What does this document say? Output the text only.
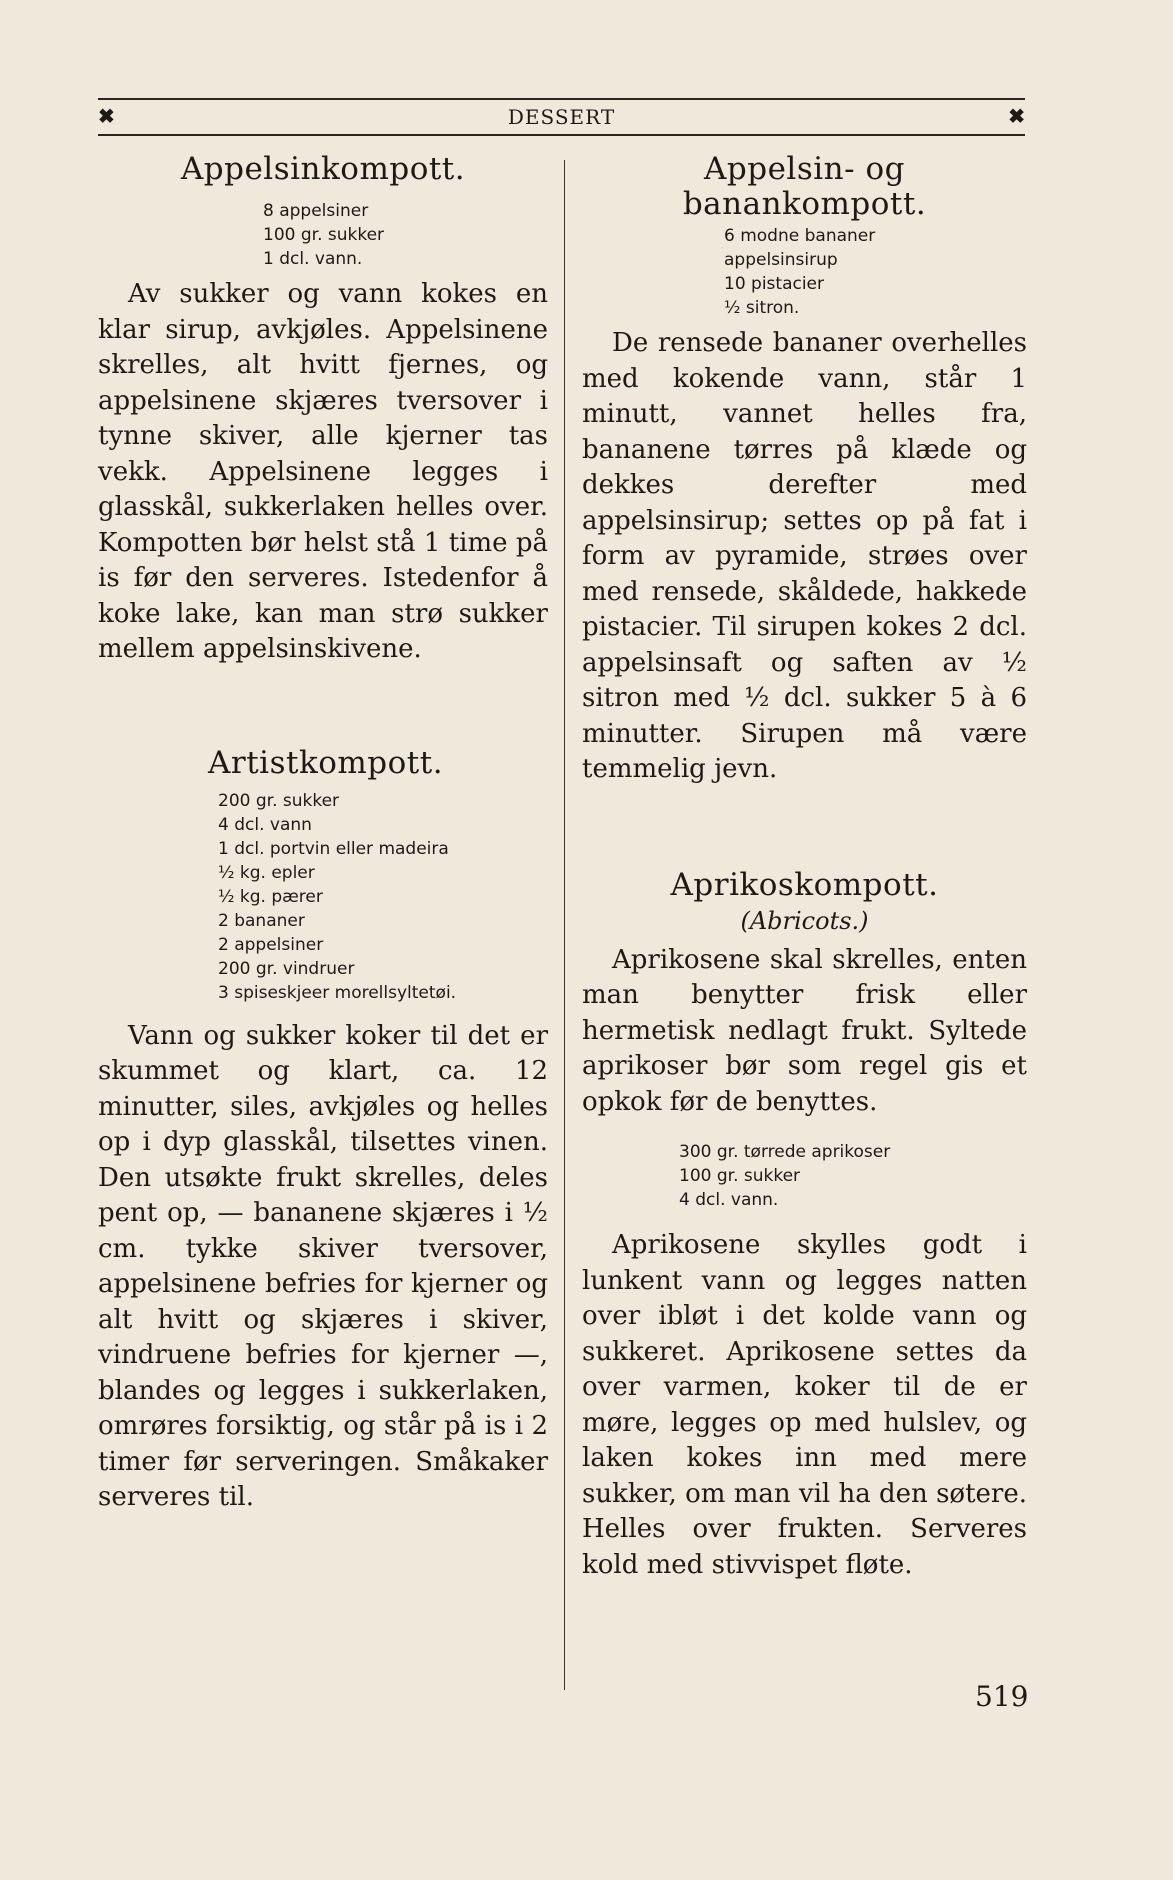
✖	DESSERT	✖
Appelsinkompott.
8 appelsiner
100 gr. sukker
1 dcl. vann.

Av sukker og vann kokes en klar sirup, avkjøles. Appelsinene skrelles, alt hvitt fjernes, og appelsinene skjæres tversover i tynne skiver, alle kjerner tas vekk. Appelsinene legges i glasskål, sukkerlaken helles over. Kompotten bør helst stå 1 time på is før den serveres. Istedenfor å koke lake, kan man strø sukker mellem appelsinskivene.

Artistkompott.
200 gr. sukker
4 dcl. vann
1 dcl. portvin eller madeira
½ kg. epler
½ kg. pærer
2 bananer
2 appelsiner
200 gr. vindruer
3 spiseskjeer morellsyltetøi.

Vann og sukker koker til det er skummet og klart, ca. 12 minutter, siles, avkjøles og helles op i dyp glasskål, tilsettes vinen. Den utsøkte frukt skrelles, deles pent op, — bananene skjæres i ½ cm. tykke skiver tversover, appelsinene befries for kjerner og alt hvitt og skjæres i skiver, vindruene befries for kjerner —, blandes og legges i sukkerlaken, omrøres forsiktig, og står på is i 2 timer før serveringen. Småkaker serveres til.

Appelsin- og banankompott.
6 modne bananer
appelsinsirup
10 pistacier
½ sitron.

De rensede bananer overhelles med kokende vann, står 1 minutt, vannet helles fra, bananene tørres på klæde og dekkes derefter med appelsinsirup; settes op på fat i form av pyramide, strøes over med rensede, skåldede, hakkede pistacier. Til sirupen kokes 2 dcl. appelsinsaft og saften av ½ sitron med ½ dcl. sukker 5 à 6 minutter. Sirupen må være temmelig jevn.

Aprikoskompott.
(Abricots.)

Aprikosene skal skrelles, enten man benytter frisk eller hermetisk nedlagt frukt. Syltede aprikoser bør som regel gis et opkok før de benyttes.

300 gr. tørrede aprikoser
100 gr. sukker
4 dcl. vann.

Aprikosene skylles godt i lunkent vann og legges natten over ibløt i det kolde vann og sukkeret. Aprikosene settes da over varmen, koker til de er møre, legges op med hulslev, og laken kokes inn med mere sukker, om man vil ha den søtere. Helles over frukten. Serveres kold med stivvispet fløte.

519
